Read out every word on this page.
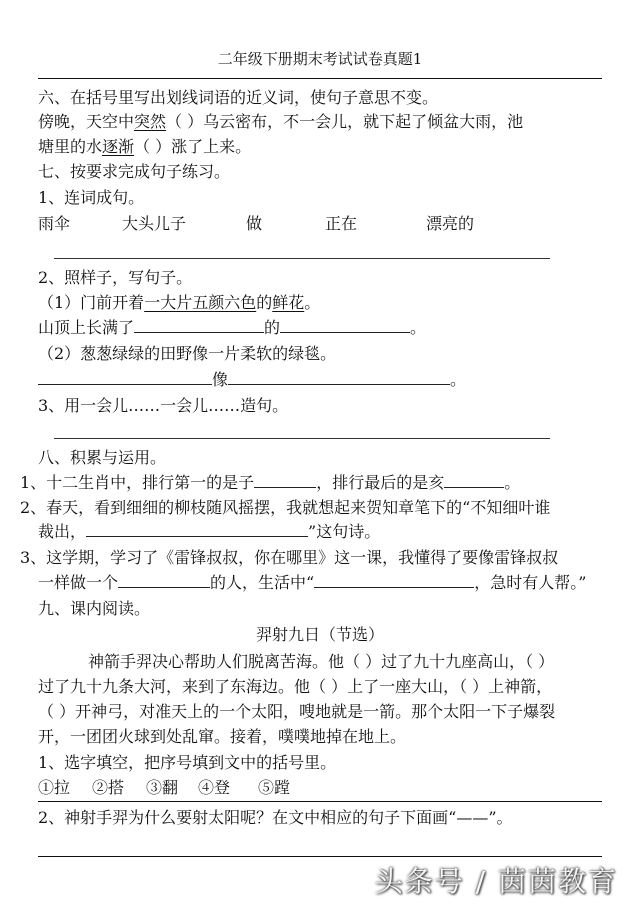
二年级下册期末考试试卷真题1
六、在括号里写出划线词语的近义词，使句子意思不变。
傍晚，天空中突然（ ）乌云密布，不一会儿，就下起了倾盆大雨，池
塘里的水逐渐（ ）涨了上来。
七、按要求完成句子练习。
1、连词成句。
雨伞	大头儿子	做	正在	漂亮的
2、照样子，写句子。
（1）门前开着一大片五颜六色的鲜花。
山顶上长满了	的	。
（2）葱葱绿绿的田野像一片柔软的绿毯。
像	。
3、用一会儿……一会儿……造句。
八、积累与运用。
1、十二生肖中，排行第一的是子	，排行最后的是亥	。
2、春天，看到细细的柳枝随风摇摆，我就想起来贺知章笔下的“不知细叶谁
裁出，	”这句诗。
3、这学期，学习了《雷锋叔叔，你在哪里》这一课，我懂得了要像雷锋叔叔
一样做一个	的人，生活中“	，急时有人帮。”
九、课内阅读。
羿射九日（节选）
神箭手羿决心帮助人们脱离苦海。他（ ）过了九十九座高山，（ ）
过了九十九条大河，来到了东海边。他（ ）上了一座大山，（ ）上神箭，
（ ）开神弓，对准天上的一个太阳，嗖地就是一箭。那个太阳一下子爆裂
开，一团团火球到处乱窜。接着，噗噗地掉在地上。
1、选字填空，把序号填到文中的括号里。
①拉 ②搭 ③翻 ④登 ⑤蹚
2、神射手羿为什么要射太阳呢？在文中相应的句子下面画“——”。
头条号 / 茵茵教育
